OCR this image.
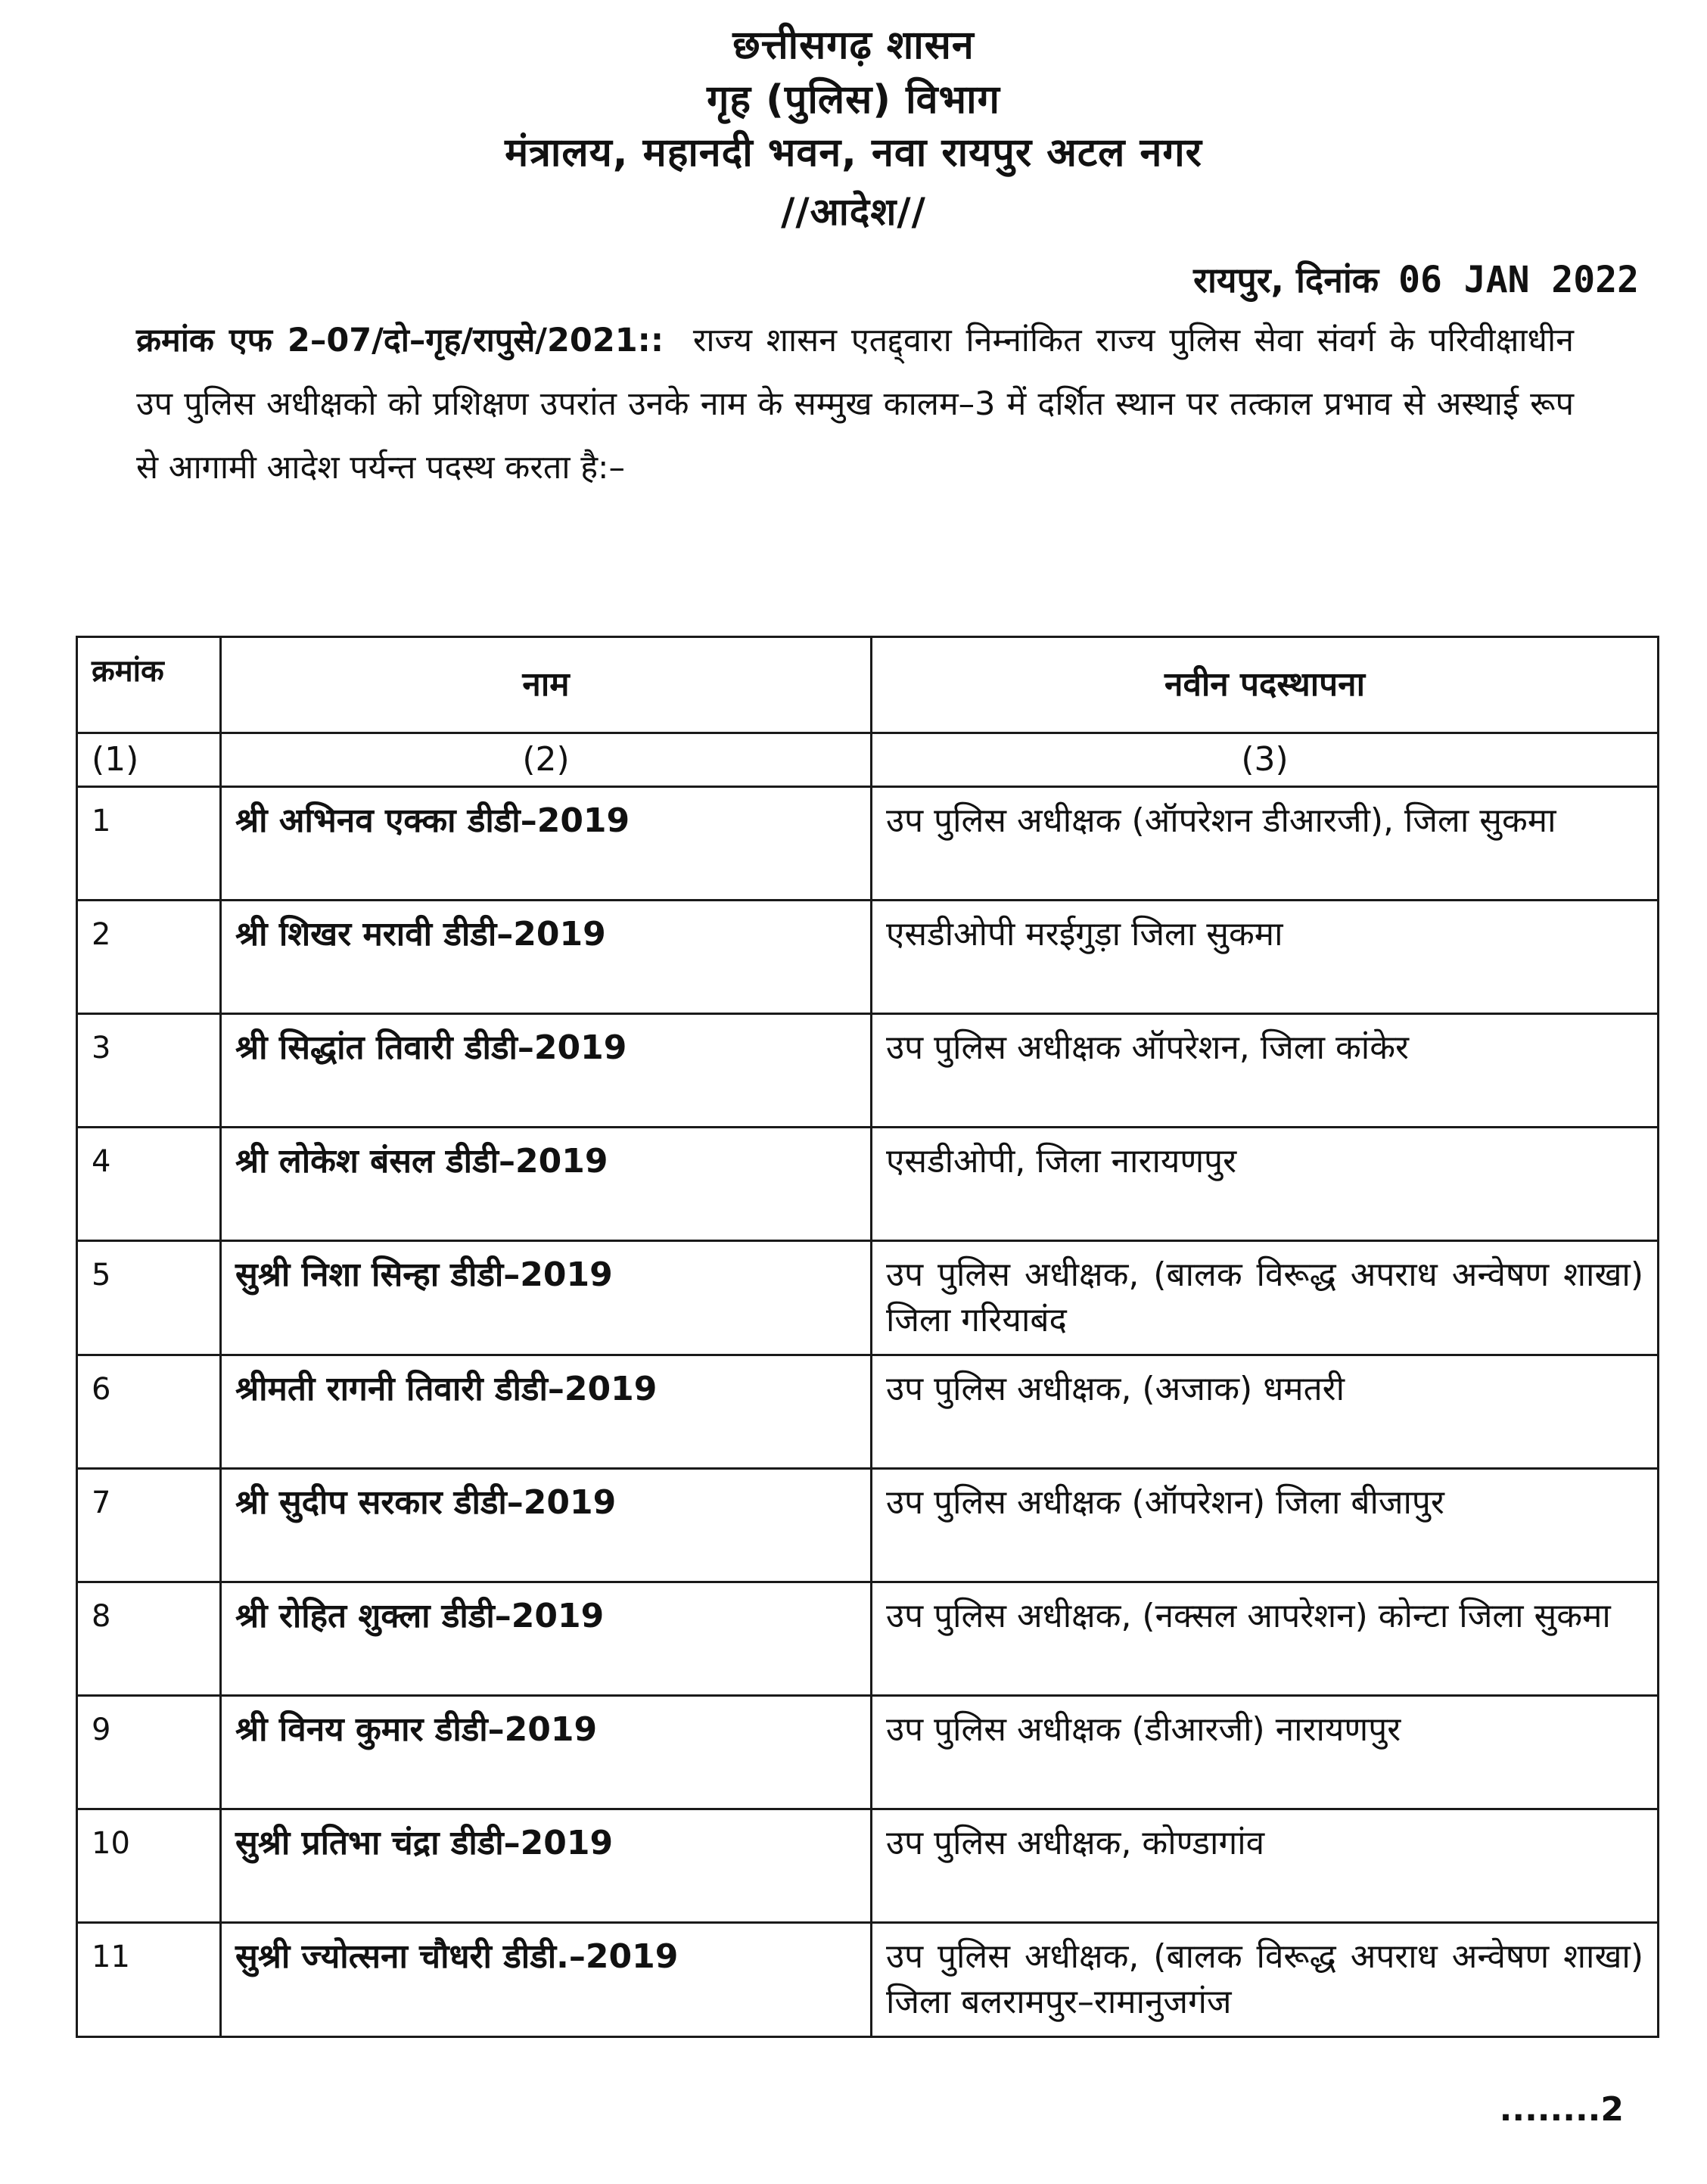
छत्तीसगढ़ शासन
गृह (पुलिस) विभाग
मंत्रालय, महानदी भवन, नवा रायपुर अटल नगर
//आदेश//
रायपुर, दिनांक 06 JAN 2022
क्रमांक एफ 2–07/दो–गृह/रापुसे/2021:: राज्य शासन एतद्द्वारा निम्नांकित राज्य पुलिस सेवा संवर्ग के परिवीक्षाधीन उप पुलिस अधीक्षको को प्रशिक्षण उपरांत उनके नाम के सम्मुख कालम–3 में दर्शित स्थान पर तत्काल प्रभाव से अस्थाई रूप से आगामी आदेश पर्यन्त पदस्थ करता है:–
क्रमांक	नाम	नवीन पदस्थापना
(1)	(2)	(3)
1	श्री अभिनव एक्का डीडी–2019	उप पुलिस अधीक्षक (ऑपरेशन डीआरजी), जिला सुकमा
2	श्री शिखर मरावी डीडी–2019	एसडीओपी मरईगुड़ा जिला सुकमा
3	श्री सिद्धांत तिवारी डीडी–2019	उप पुलिस अधीक्षक ऑपरेशन, जिला कांकेर
4	श्री लोकेश बंसल डीडी–2019	एसडीओपी, जिला नारायणपुर
5	सुश्री निशा सिन्हा डीडी–2019	उप पुलिस अधीक्षक, (बालक विरूद्ध अपराध अन्वेषण शाखा) जिला गरियाबंद
6	श्रीमती रागनी तिवारी डीडी–2019	उप पुलिस अधीक्षक, (अजाक) धमतरी
7	श्री सुदीप सरकार डीडी–2019	उप पुलिस अधीक्षक (ऑपरेशन) जिला बीजापुर
8	श्री रोहित शुक्ला डीडी–2019	उप पुलिस अधीक्षक, (नक्सल आपरेशन) कोन्टा जिला सुकमा
9	श्री विनय कुमार डीडी–2019	उप पुलिस अधीक्षक (डीआरजी) नारायणपुर
10	सुश्री प्रतिभा चंद्रा डीडी–2019	उप पुलिस अधीक्षक, कोण्डागांव
11	सुश्री ज्योत्सना चौधरी डीडी.–2019	उप पुलिस अधीक्षक, (बालक विरूद्ध अपराध अन्वेषण शाखा) जिला बलरामपुर–रामानुजगंज
........2
